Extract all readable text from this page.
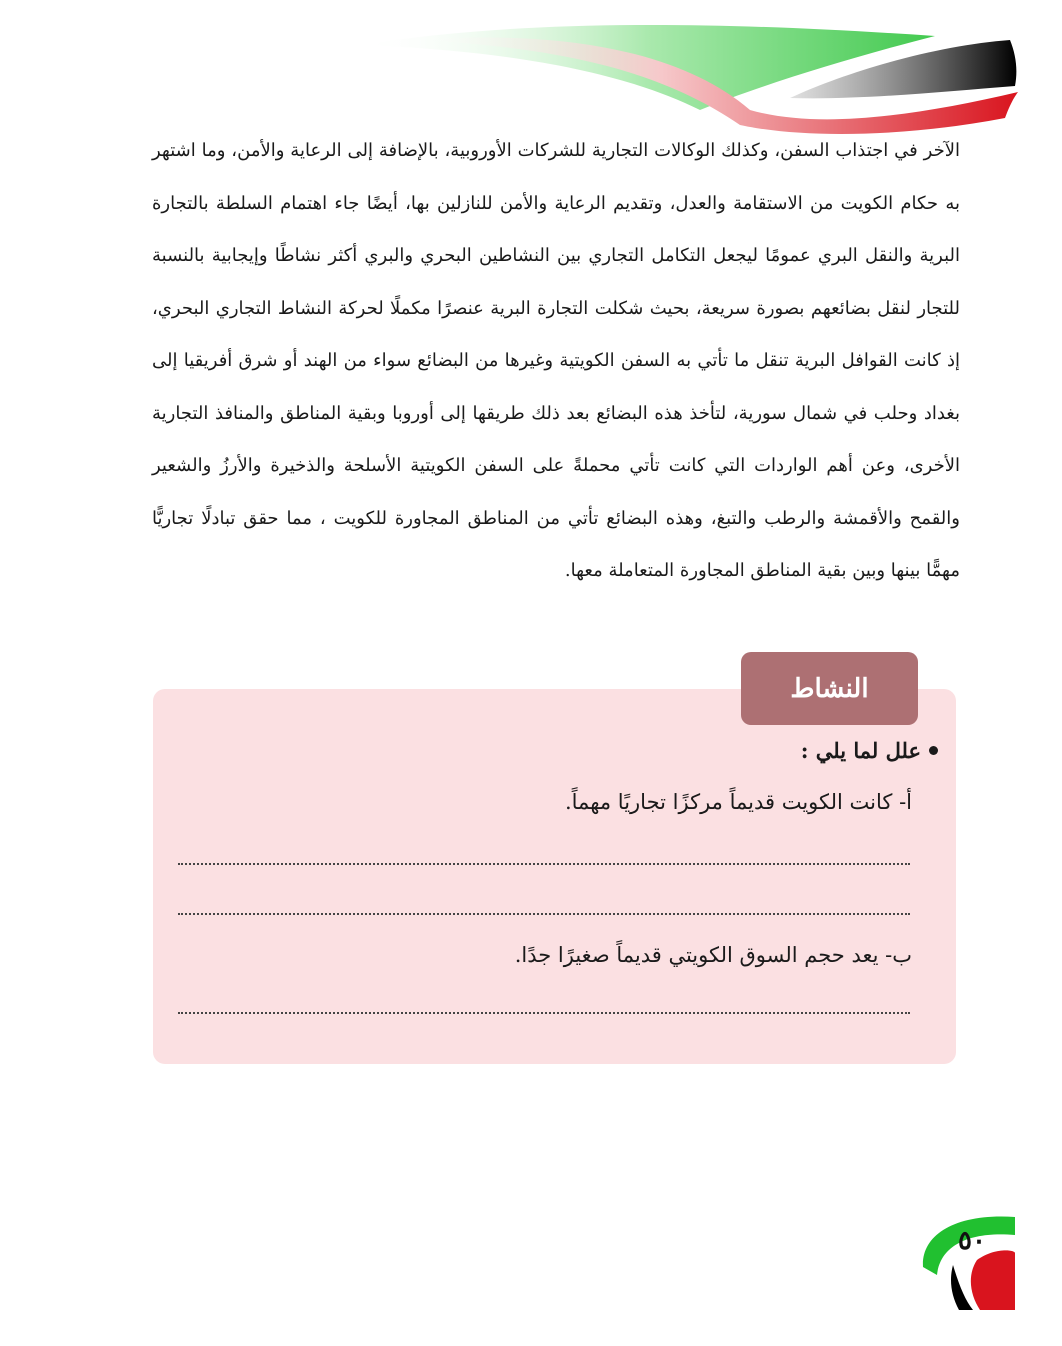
الآخر في اجتذاب السفن، وكذلك الوكالات التجارية للشركات الأوروبية، بالإضافة إلى الرعاية والأمن، وما اشتهر به حكام الكويت من الاستقامة والعدل، وتقديم الرعاية والأمن للنازلين بها، أيضًا جاء اهتمام السلطة بالتجارة البرية والنقل البري عمومًا ليجعل التكامل التجاري بين النشاطين البحري والبري أكثر نشاطًا وإيجابية بالنسبة للتجار لنقل بضائعهم بصورة سريعة، بحيث شكلت التجارة البرية عنصرًا مكملًا لحركة النشاط التجاري البحري، إذ كانت القوافل البرية تنقل ما تأتي به السفن الكويتية وغيرها من البضائع سواء من الهند أو شرق أفريقيا إلى بغداد وحلب في شمال سورية، لتأخذ هذه البضائع بعد ذلك طريقها إلى أوروبا وبقية المناطق والمنافذ التجارية الأخرى، وعن أهم الواردات التي كانت تأتي محملةً على السفن الكويتية الأسلحة والذخيرة والأرزُ والشعير والقمح والأقمشة والرطب والتبغ، وهذه البضائع تأتي من المناطق المجاورة للكويت ، مما حقق تبادلًا تجاريًّا مهمًّا بينها وبين بقية المناطق المجاورة المتعاملة معها.

النشاط
علل لما يلي :
أ- كانت الكويت قديماً مركزًا تجاريًا مهماً.
ب- يعد حجم السوق الكويتي قديماً صغيرًا جدًا.
٥٠
